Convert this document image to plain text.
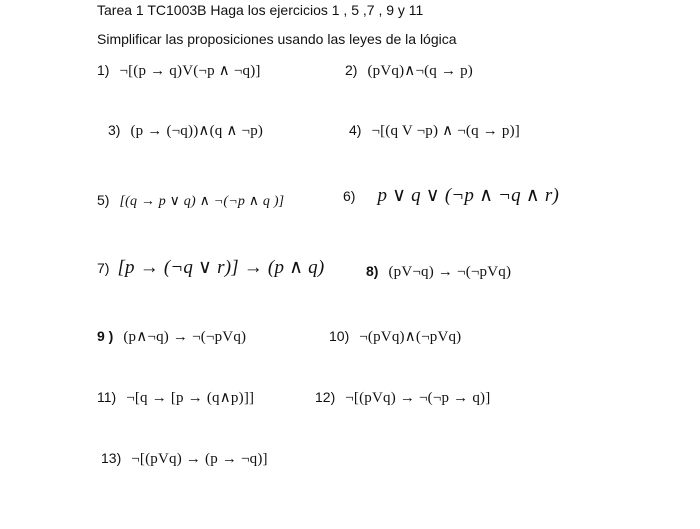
Tarea 1 TC1003B Haga los ejercicios 1 , 5 ,7 , 9 y 11
Simplificar las proposiciones usando las leyes de la lógica
1) ¬[(p → q)V(¬p ∧ ¬q)]	2) (pVq)∧¬(q → p)
3) (p → (¬q))∧(q ∧ ¬p)	4) ¬[(q V ¬p) ∧ ¬(q → p)]
5) [(q → p ∨ q) ∧ ¬(¬p ∧ q )]	6) p ∨ q ∨ (¬p ∧ ¬q ∧ r)
7) [p → (¬q ∨ r)] → (p ∧ q)	8) (pV¬q) → ¬(¬pVq)
9 ) (p∧¬q) → ¬(¬pVq)	10) ¬(pVq)∧(¬pVq)
11) ¬[q → [p → (q∧p)]]	12) ¬[(pVq) → ¬(¬p → q)]
13) ¬[(pVq) → (p → ¬q)]
